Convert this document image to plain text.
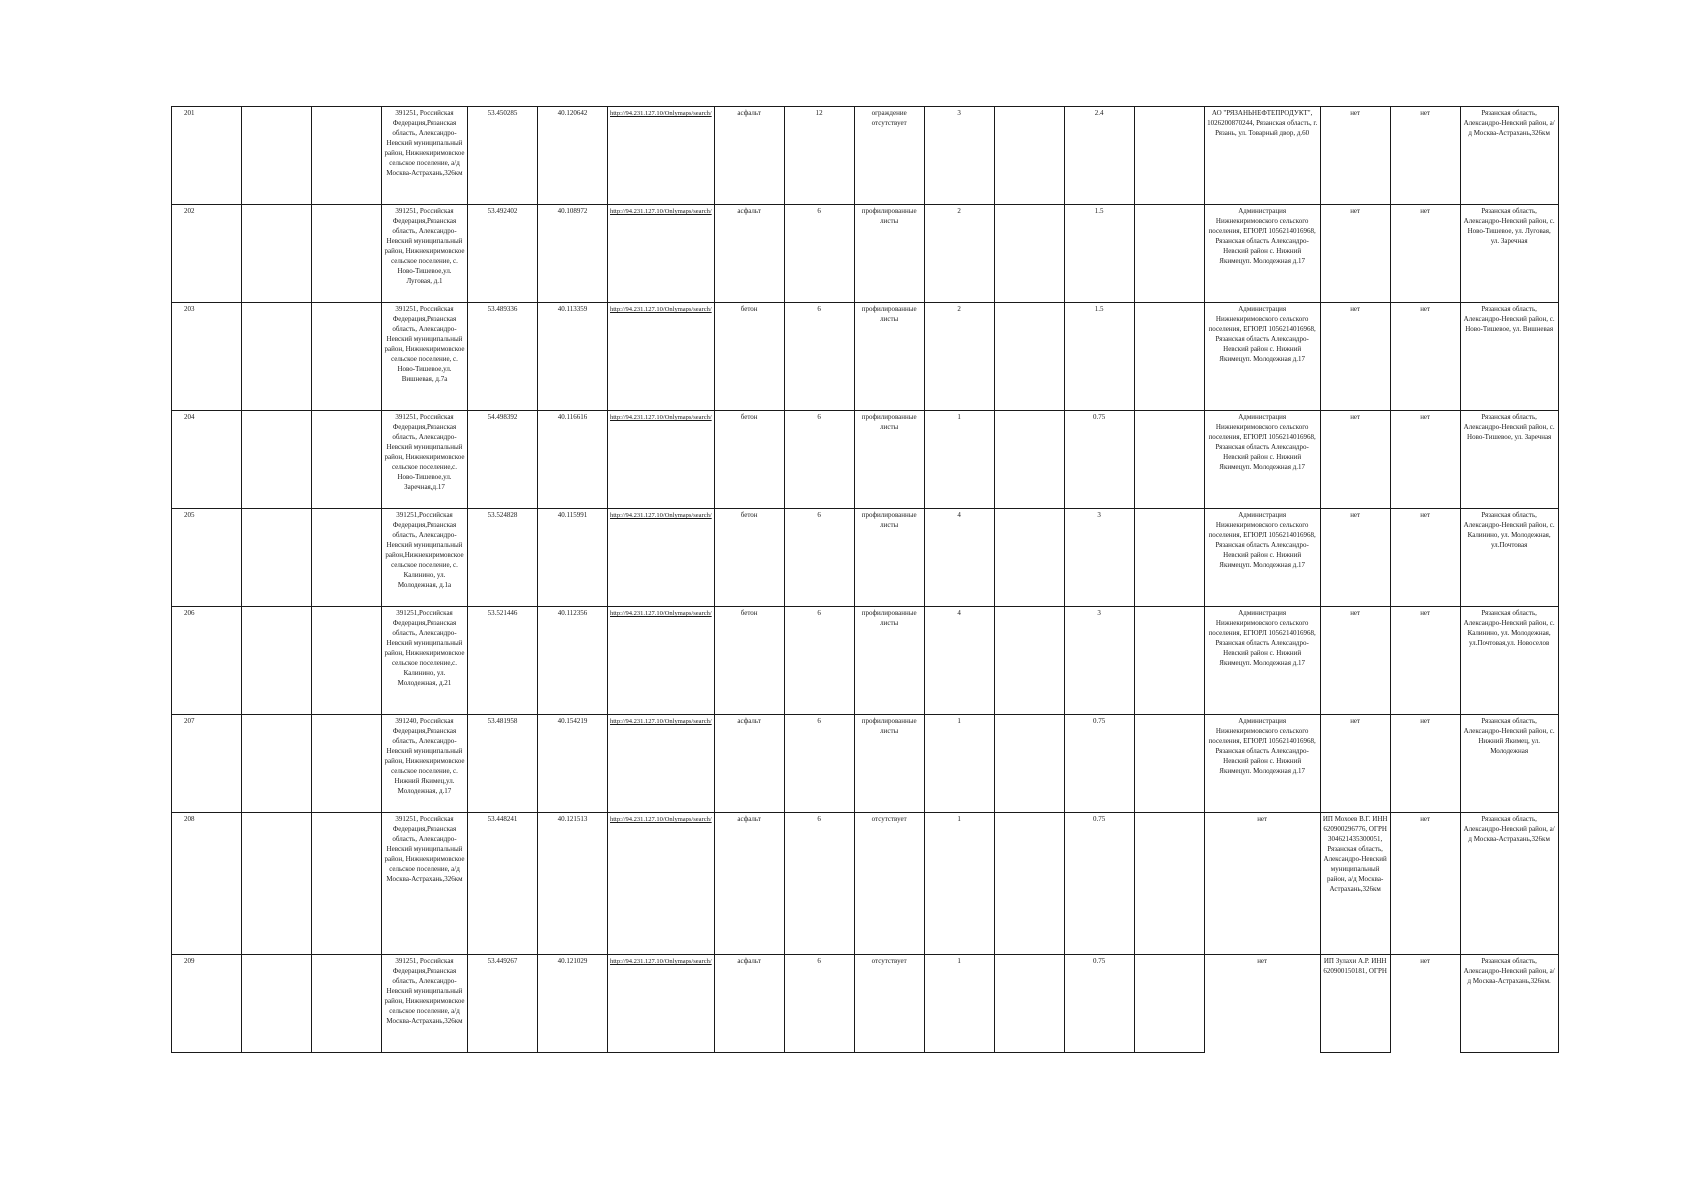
201			391251, Российская Федерация,Рязанская область, Александро-Невский муниципальный район, Нижнекиримовское сельское поселение, а/д Москва-Астрахань,326км	53.450285	40.120642	http://94.231.127.10/Onlymaps/search/	асфальт	12	ограждение отсутствует	3		2.4		АО "РЯЗАНЬНЕФТЕПРОДУКТ", 1026200870244, Рязанская область, г. Рязань, ул. Товарный двор, д.60	нет	нет	Рязанская область, Александро-Невский район, а/д Москва-Астрахань,326км
202			391251, Российская Федерация,Рязанская область, Александро-Невский муниципальный район, Нижнекиримовское сельское поселение, с. Ново-Тишевое,ул. Луговая, д.1	53.492402	40.108972	http://94.231.127.10/Onlymaps/search/	асфальт	6	профилированные листы	2		1.5		Администрация Нижнекиримовского сельского поселения, ЕГЮРЛ 1056214016968, Рязанская область Александро-Невский район с. Нижний Якимецуп. Молодежная д.17	нет	нет	Рязанская область, Александро-Невский район, с. Ново-Тишевое, ул. Луговая, ул. Заречная
203			391251, Российская Федерация,Рязанская область, Александро-Невский муниципальный район, Нижнекиримовское сельское поселение, с. Ново-Тишевое,ул. Вишневая, д.7а	53.489336	40.113359	http://94.231.127.10/Onlymaps/search/	бетон	6	профилированные листы	2		1.5		Администрация Нижнекиримовского сельского поселения, ЕГЮРЛ 1056214016968, Рязанская область Александро-Невский район с. Нижний Якимецуп. Молодежная д.17	нет	нет	Рязанская область, Александро-Невский район, с. Ново-Тишевое, ул. Вишневая
204			391251, Российская Федерация,Рязанская область, Александро-Невский муниципальный район, Нижнекиримовское сельское поселение,с. Ново-Тишевое,ул. Заречная,д.17	54.498392	40.116616	http://94.231.127.10/Onlymaps/search/	бетон	6	профилированные листы	1		0.75		Администрация Нижнекиримовского сельского поселения, ЕГЮРЛ 1056214016968, Рязанская область Александро-Невский район с. Нижний Якимецуп. Молодежная д.17	нет	нет	Рязанская область, Александро-Невский район, с. Ново-Тишевое, ул. Заречная
205			391251,Российская Федерация,Рязанская область, Александро-Невский муниципальный район,Нижнекиримовское сельское поселение, с. Калинино, ул. Молодежная, д.1а	53.524828	40.115991	http://94.231.127.10/Onlymaps/search/	бетон	6	профилированные листы	4		3		Администрация Нижнекиримовского сельского поселения, ЕГЮРЛ 1056214016968, Рязанская область Александро-Невский район с. Нижний Якимецуп. Молодежная д.17	нет	нет	Рязанская область, Александро-Невский район, с. Калинино, ул. Молодежная, ул.Почтовая
206			391251,Российская Федерация,Рязанская область, Александро-Невский муниципальный район, Нижнекиримовское сельское поселение,с. Калинино, ул. Молодежная, д.21	53.521446	40.112356	http://94.231.127.10/Onlymaps/search/	бетон	6	профилированные листы	4		3		Администрация Нижнекиримовского сельского поселения, ЕГЮРЛ 1056214016968, Рязанская область Александро-Невский район с. Нижний Якимецуп. Молодежная д.17	нет	нет	Рязанская область, Александро-Невский район, с. Калинино, ул. Молодежная, ул.Почтовая,ул. Новоселов
207			391240, Российская Федерация,Рязанская область, Александро-Невский муниципальный район, Нижнекиримовское сельское поселение, с. Нижний Якимец,ул. Молодежная, д.17	53.481958	40.154219	http://94.231.127.10/Onlymaps/search/	асфальт	6	профилированные листы	1		0.75		Администрация Нижнекиримовского сельского поселения, ЕГЮРЛ 1056214016968, Рязанская область Александро-Невский район с. Нижний Якимецуп. Молодежная д.17	нет	нет	Рязанская область, Александро-Невский район, с. Нижний Якимец, ул. Молодежная
208			391251, Российская Федерация,Рязанская область, Александро-Невский муниципальный район, Нижнекиримовское сельское поселение, а/д Москва-Астрахань,326км	53.448241	40.121513	http://94.231.127.10/Onlymaps/search/	асфальт	6	отсутствует	1		0.75		нет	ИП Мохоев В.Г. ИНН 620900296776, ОГРН 304621435300051, Рязанская область, Александро-Невский муниципальный район, а/д Москва-Астрахань,326км	нет	Рязанская область, Александро-Невский район, а/д Москва-Астрахань,326км
209			391251, Российская Федерация,Рязанская область, Александро-Невский муниципальный район, Нижнекиримовское сельское поселение, а/д Москва-Астрахань,326км	53.449267	40.121029	http://94.231.127.10/Onlymaps/search/	асфальт	6	отсутствует	1		0.75		нет	ИП Зулахи А.Р. ИНН 620900150181, ОГРН	нет	Рязанская область, Александро-Невский район, а/д Москва-Астрахань,326км.
